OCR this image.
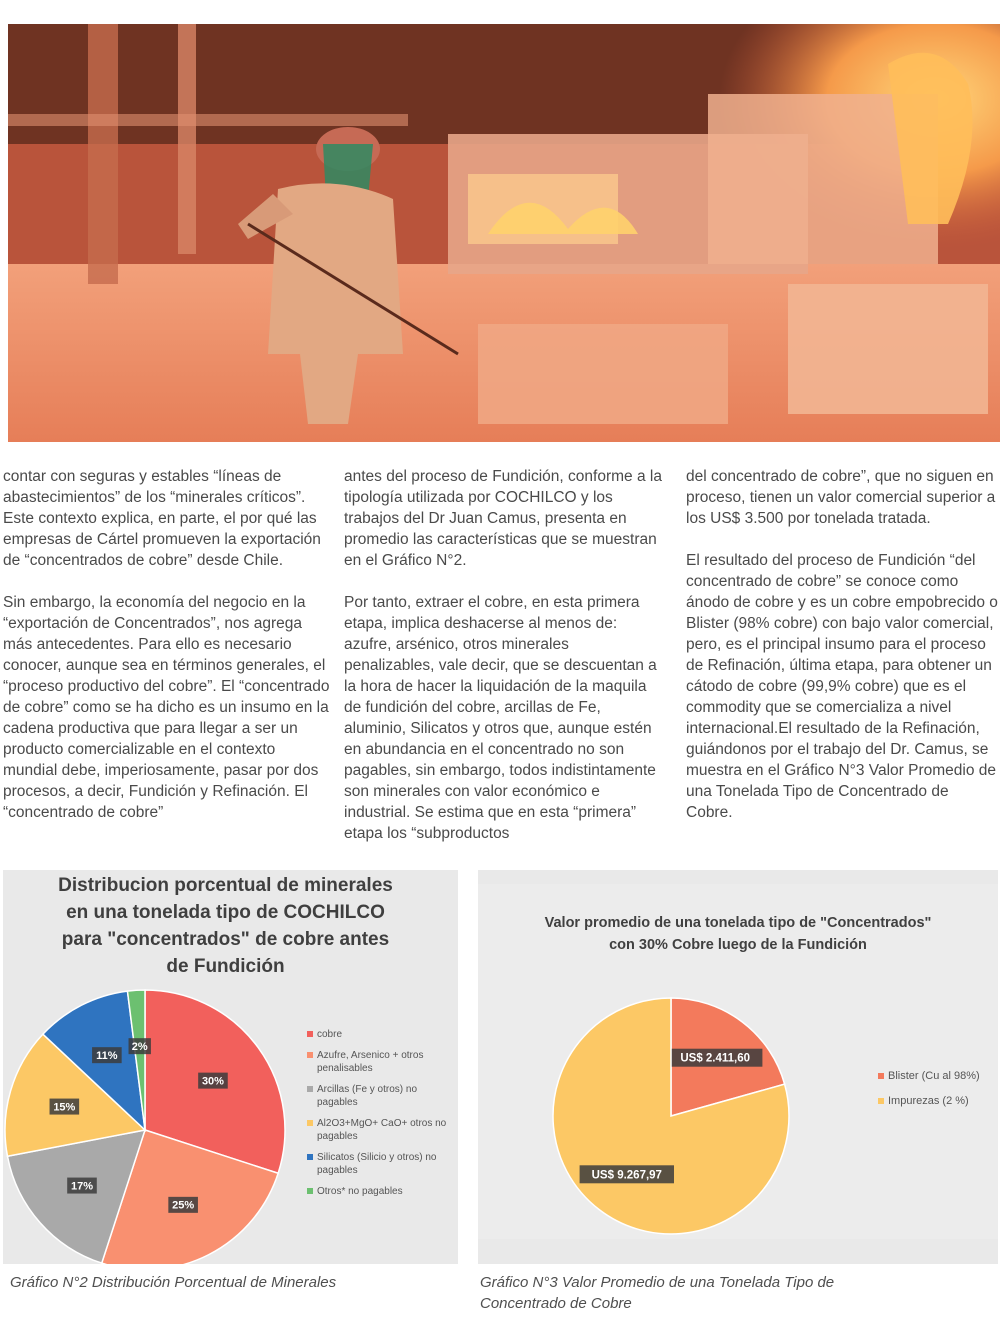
contar con seguras y estables “líneas de abastecimientos” de los “minerales críticos”. Este contexto explica, en parte, el por qué las empresas de Cártel promueven la exportación de “concentrados de cobre” desde Chile.

Sin embargo, la economía del negocio en la “exportación de Concentrados”, nos agrega más antecedentes. Para ello es necesario conocer, aunque sea en términos generales, el “proceso productivo del cobre”. El “concentrado de cobre” como se ha dicho es un insumo en la cadena productiva que para llegar a ser un producto comercializable en el contexto mundial debe, imperiosamente, pasar por dos procesos, a decir, Fundición y Refinación. El “concentrado de cobre”

antes del proceso de Fundición, conforme a la tipología utilizada por COCHILCO y los trabajos del Dr Juan Camus, presenta en promedio las características que se muestran en el Gráfico N°2.

Por tanto, extraer el cobre, en esta primera etapa, implica deshacerse al menos de: azufre, arsénico, otros minerales penalizables, vale decir, que se descuentan a la hora de hacer la liquidación de la maquila de fundición del cobre, arcillas de Fe, aluminio, Silicatos y otros que, aunque estén en abundancia en el concentrado no son pagables, sin embargo, todos indistintamente son minerales con valor económico e industrial. Se estima que en esta “primera” etapa los “subproductos

del concentrado de cobre”, que no siguen en proceso, tienen un valor comercial superior a los US$ 3.500 por tonelada tratada.

El resultado del proceso de Fundición “del concentrado de cobre” se conoce como ánodo de cobre y es un cobre empobrecido o Blister (98% cobre) con bajo valor comercial, pero, es el principal insumo para el proceso de Refinación, última etapa, para obtener un cátodo de cobre (99,9% cobre) que es el commodity que se comercializa a nivel internacional.El resultado de la Refinación, guiándonos por el trabajo del Dr. Camus, se muestra en el Gráfico N°3 Valor Promedio de una Tonelada Tipo de Concentrado de Cobre.

Distribucion porcentual de minerales
en una tonelada tipo de COCHILCO
para "concentrados" de cobre antes
de Fundición
30%
25%
17%
15%
11%
2%
cobre
Azufre, Arsenico + otros penalisables
Arcillas (Fe y otros) no pagables
Al2O3+MgO+ CaO+ otros no pagables
Silicatos (Silicio y otros) no pagables
Otros* no pagables
Valor promedio de una tonelada tipo de "Concentrados"
con 30% Cobre luego de la Fundición
US$ 2.411,60
US$ 9.267,97
Blister (Cu al 98%)
Impurezas (2 %)
Gráfico N°2 Distribución Porcentual de Minerales	Gráfico N°3 Valor Promedio de una Tonelada Tipo de Concentrado de Cobre
